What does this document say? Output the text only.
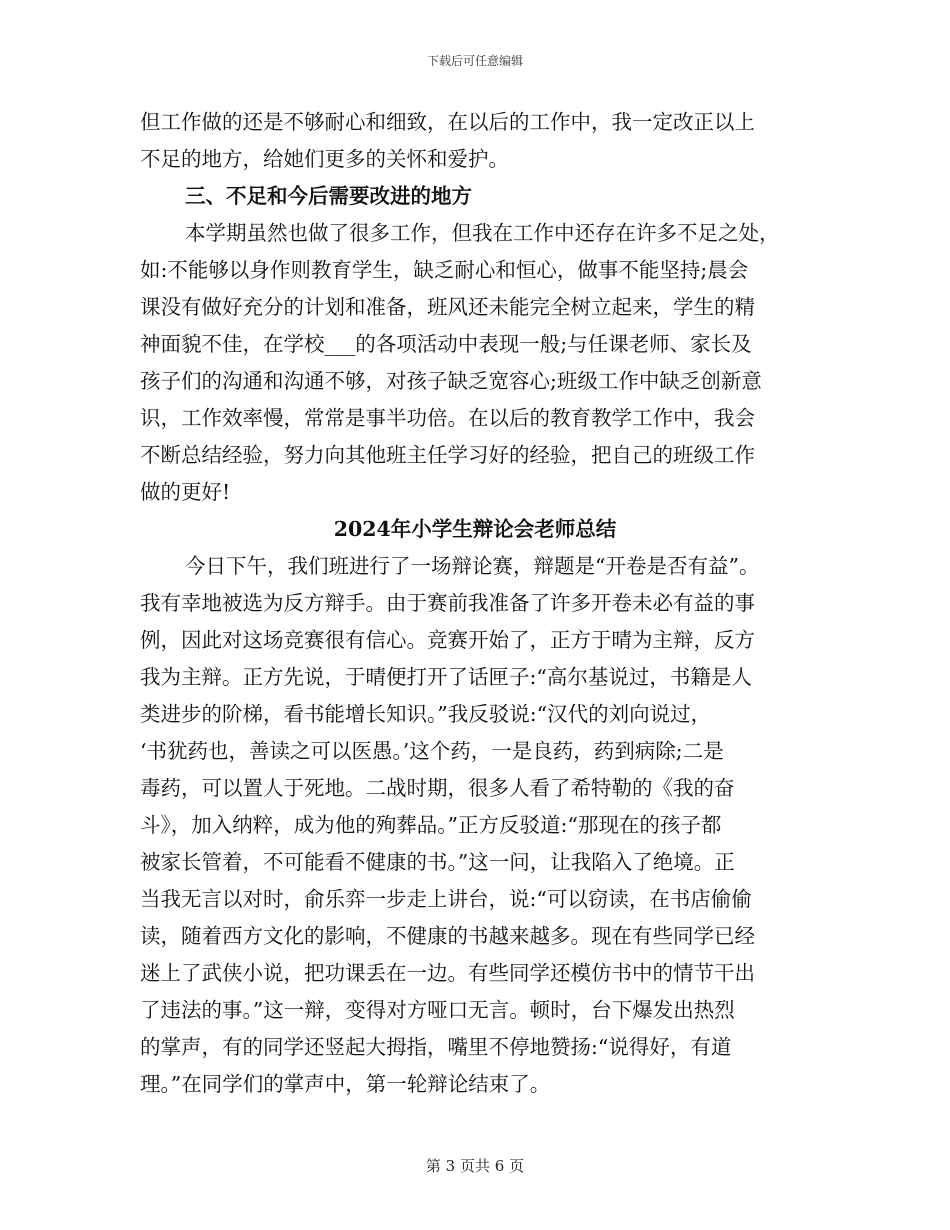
下载后可任意编辑
但工作做的还是不够耐心和细致，在以后的工作中，我一定改正以上
不足的地方，给她们更多的关怀和爱护。
三、不足和今后需要改进的地方
本学期虽然也做了很多工作，但我在工作中还存在许多不足之处，
如:不能够以身作则教育学生，缺乏耐心和恒心，做事不能坚持;晨会
课没有做好充分的计划和准备，班风还未能完全树立起来，学生的精
神面貌不佳，在学校___的各项活动中表现一般;与任课老师、家长及
孩子们的沟通和沟通不够，对孩子缺乏宽容心;班级工作中缺乏创新意
识，工作效率慢，常常是事半功倍。在以后的教育教学工作中，我会
不断总结经验，努力向其他班主任学习好的经验，把自己的班级工作
做的更好!
2024年小学生辩论会老师总结
今日下午，我们班进行了一场辩论赛，辩题是“开卷是否有益”。
我有幸地被选为反方辩手。由于赛前我准备了许多开卷未必有益的事
例，因此对这场竞赛很有信心。竞赛开始了，正方于晴为主辩，反方
我为主辩。正方先说，于晴便打开了话匣子:“高尔基说过，书籍是人
类进步的阶梯，看书能增长知识。”我反驳说:“汉代的刘向说过，
‘书犹药也，善读之可以医愚。’这个药，一是良药，药到病除;二是
毒药，可以置人于死地。二战时期，很多人看了希特勒的《我的奋
斗》，加入纳粹，成为他的殉葬品。”正方反驳道:“那现在的孩子都
被家长管着，不可能看不健康的书。”这一问，让我陷入了绝境。正
当我无言以对时，俞乐弈一步走上讲台，说:“可以窃读，在书店偷偷
读，随着西方文化的影响，不健康的书越来越多。现在有些同学已经
迷上了武侠小说，把功课丢在一边。有些同学还模仿书中的情节干出
了违法的事。”这一辩，变得对方哑口无言。顿时，台下爆发出热烈
的掌声，有的同学还竖起大拇指，嘴里不停地赞扬:“说得好，有道
理。”在同学们的掌声中，第一轮辩论结束了。
第 3 页共 6 页
